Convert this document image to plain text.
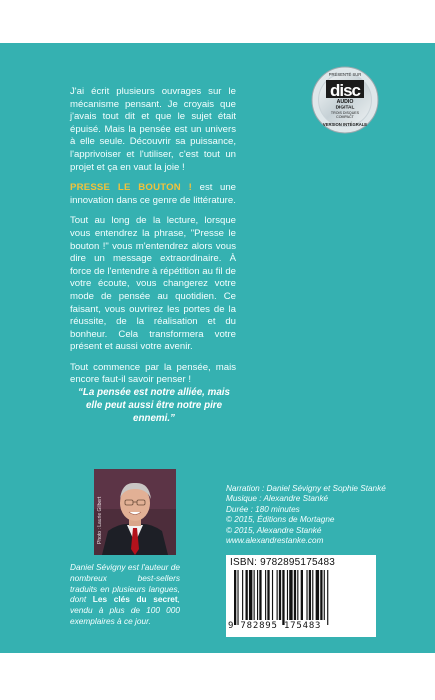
PRÉSENTÉ SUR
disc
AUDIO
DIGITAL
TROIS DISQUES
COMPACT
VERSION INTÉGRALE

J'ai écrit plusieurs ouvrages sur le mécanisme pensant. Je croyais que j'avais tout dit et que le sujet était épuisé. Mais la pensée est un univers à elle seule. Découvrir sa puissance, l'apprivoiser et l'utiliser, c'est tout un projet et ça en vaut la joie !

PRESSE LE BOUTON ! est une innovation dans ce genre de littérature.

Tout au long de la lecture, lorsque vous entendrez la phrase, "Presse le bouton !" vous m'entendrez alors vous dire un message extraordinaire. À force de l'entendre à répétition au fil de votre écoute, vous changerez votre mode de pensée au quotidien. Ce faisant, vous ouvrirez les portes de la réussite, de la réalisation et du bonheur. Cela transformera votre présent et aussi votre avenir.

Tout commence par la pensée, mais encore faut-il savoir penser !

“La pensée est notre alliée, mais elle peut aussi être notre pire ennemi.”
Photo : Laurie Gilbert
Daniel Sévigny est l'auteur de nombreux best-sellers traduits en plusieurs langues, dont Les clés du secret, vendu à plus de 100 000 exemplaires à ce jour.
Narration : Daniel Sévigny et Sophie Stanké
Musique : Alexandre Stanké
Durée : 180 minutes
© 2015, Éditions de Mortagne
© 2015, Alexandre Stanké
www.alexandrestanke.com
ISBN: 9782895175483
9 782895 175483
